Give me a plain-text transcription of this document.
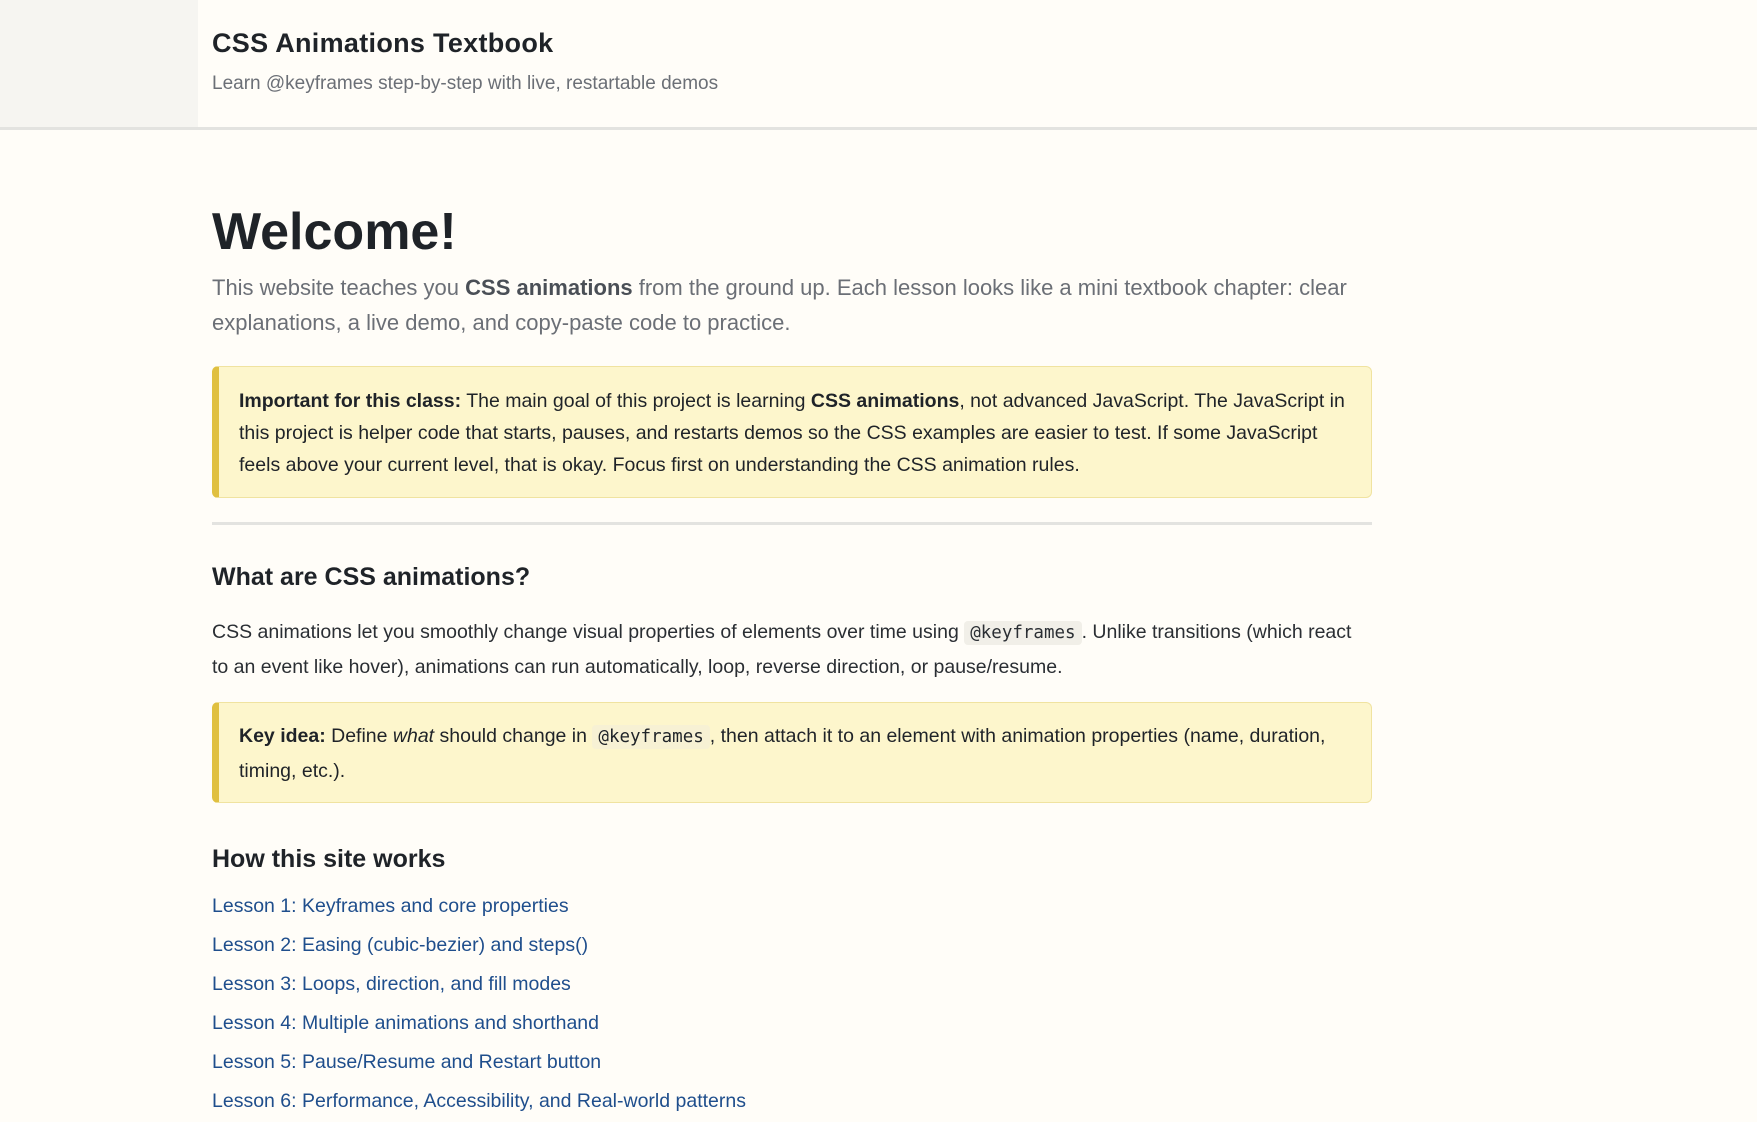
CSS Animations Textbook
Learn @keyframes step-by-step with live, restartable demos
Welcome!

This website teaches you CSS animations from the ground up. Each lesson looks like a mini textbook chapter: clear explanations, a live demo, and copy-paste code to practice.

Important for this class: The main goal of this project is learning CSS animations, not advanced JavaScript. The JavaScript in this project is helper code that starts, pauses, and restarts demos so the CSS examples are easier to test. If some JavaScript feels above your current level, that is okay. Focus first on understanding the CSS animation rules.
What are CSS animations?

CSS animations let you smoothly change visual properties of elements over time using @keyframes . Unlike transitions (which react to an event like hover), animations can run automatically, loop, reverse direction, or pause/resume.

Key idea: Define what should change in @keyframes , then attach it to an element with animation properties (name, duration, timing, etc.).
How this site works
Lesson 1: Keyframes and core properties
Lesson 2: Easing (cubic-bezier) and steps()
Lesson 3: Loops, direction, and fill modes
Lesson 4: Multiple animations and shorthand
Lesson 5: Pause/Resume and Restart button
Lesson 6: Performance, Accessibility, and Real-world patterns
